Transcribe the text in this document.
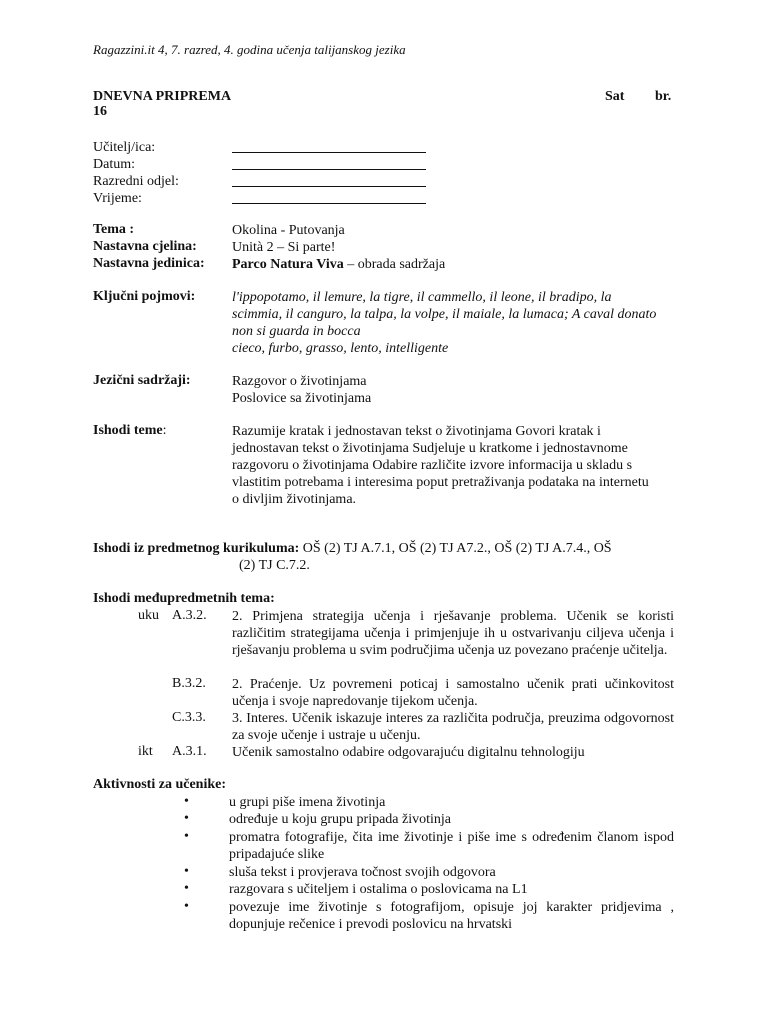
Ragazzini.it 4, 7. razred, 4. godina učenja talijanskog jezika
DNEVNA PRIPREMA	Sat br.
16
Učitelj/ica:
Datum:
Razredni odjel:
Vrijeme:
Tema :	Okolina - Putovanja
Nastavna cjelina:	Unità 2 – Si parte!
Nastavna jedinica: Parco Natura Viva – obrada sadržaja
Ključni pojmovi:	l'ippopotamo, il lemure, la tigre, il cammello, il leone, il bradipo, la scimmia, il canguro, la talpa, la volpe, il maiale, la lumaca; A caval donato non si guarda in bocca
cieco, furbo, grasso, lento, intelligente
Jezični sadržaji:	Razgovor o životinjama
Poslovice sa životinjama
Ishodi teme:	Razumije kratak i jednostavan tekst o životinjama Govori kratak i jednostavan tekst o životinjama Sudjeluje u kratkome i jednostavnome razgovoru o životinjama Odabire različite izvore informacija u skladu s vlastitim potrebama i interesima poput pretraživanja podataka na internetu o divljim životinjama.
Ishodi iz predmetnog kurikuluma: OŠ (2) TJ A.7.1, OŠ (2) TJ A7.2., OŠ (2) TJ A.7.4., OŠ
(2) TJ C.7.2.
Ishodi međupredmetnih tema:
uku A.3.2. 2. Primjena strategija učenja i rješavanje problema. Učenik se koristi različitim strategijama učenja i primjenjuje ih u ostvarivanju ciljeva učenja i rješavanju problema u svim područjima učenja uz povezano praćenje učitelja.
B.3.2. 2. Praćenje. Uz povremeni poticaj i samostalno učenik prati učinkovitost učenja i svoje napredovanje tijekom učenja.
C.3.3. 3. Interes. Učenik iskazuje interes za različita područja, preuzima odgovornost za svoje učenje i ustraje u učenju.
ikt A.3.1. Učenik samostalno odabire odgovarajuću digitalnu tehnologiju
Aktivnosti za učenike:
•	u grupi piše imena životinja
•	određuje u koju grupu pripada životinja
•	promatra fotografije, čita ime životinje i piše ime s određenim članom ispod pripadajuće slike
•	sluša tekst i provjerava točnost svojih odgovora
•	razgovara s učiteljem i ostalima o poslovicama na L1
•	povezuje ime životinje s fotografijom, opisuje joj karakter pridjevima , dopunjuje rečenice i prevodi poslovicu na hrvatski
